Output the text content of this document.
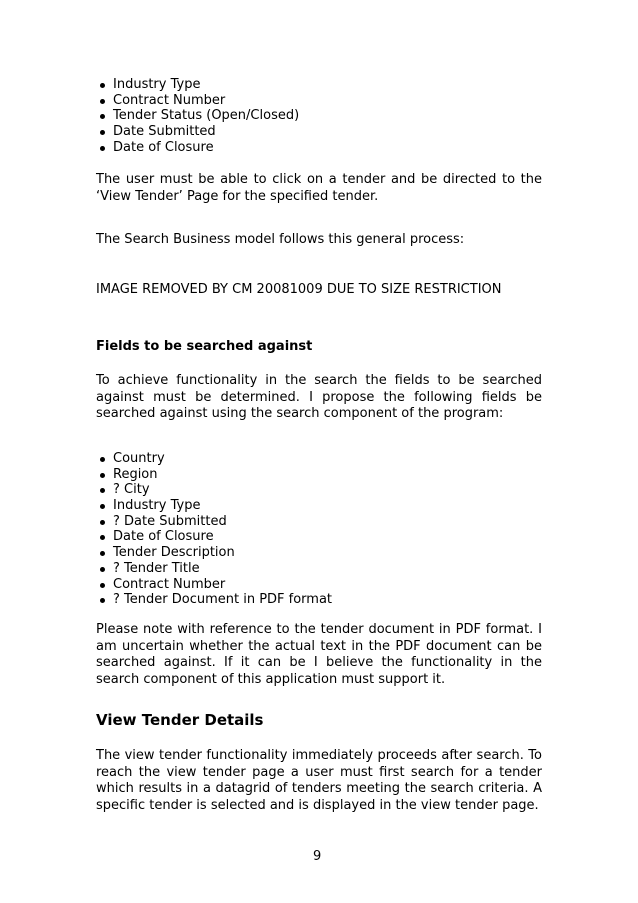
Industry Type
Contract Number
Tender Status (Open/Closed)
Date Submitted
Date of Closure

The user must be able to click on a tender and be directed to the ‘View Tender’ Page for the specified tender.

The Search Business model follows this general process:

IMAGE REMOVED BY CM 20081009 DUE TO SIZE RESTRICTION

Fields to be searched against

To achieve functionality in the search the fields to be searched against must be determined. I propose the following fields be searched against using the search component of the program:

Country
Region
? City
Industry Type
? Date Submitted
Date of Closure
Tender Description
? Tender Title
Contract Number
? Tender Document in PDF format

Please note with reference to the tender document in PDF format. I am uncertain whether the actual text in the PDF document can be searched against. If it can be I believe the functionality in the search component of this application must support it.

View Tender Details

The view tender functionality immediately proceeds after search. To reach the view tender page a user must first search for a tender which results in a datagrid of tenders meeting the search criteria. A specific tender is selected and is displayed in the view tender page.

9
